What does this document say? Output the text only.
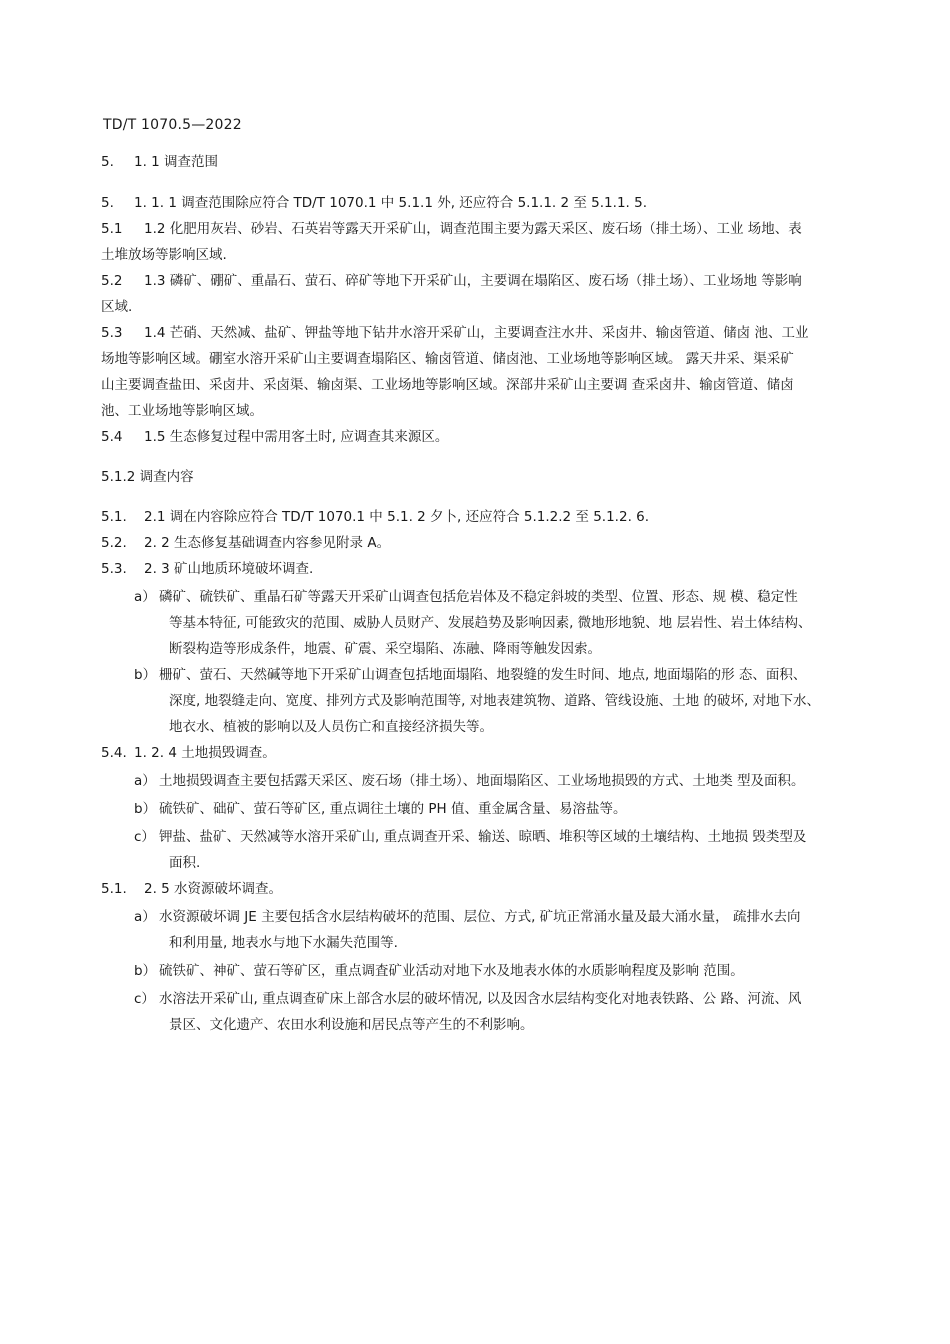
TD/T 1070.5—2022
5. 1. 1 调查范围
5. 1. 1. 1 调查范围除应符合 TD/T 1070.1 中 5.1.1 外, 还应符合 5.1.1. 2 至 5.1.1. 5.
5.1 1.2 化肥用灰岩、砂岩、石英岩等露天开采矿山，调查范围主要为露天采区、废石场（排土场）、工业 场地、表
土堆放场等影响区域.
5.2 1.3 磷矿、硼矿、重晶石、萤石、碎矿等地下开采矿山，主要调在塌陷区、废石场（排土场）、工业场地 等影响
区域.
5.3 1.4 芒硝、天然减、盐矿、钾盐等地下钻井水溶开采矿山，主要调查注水井、采卤井、输卤管道、储卤 池、工业
场地等影响区域。硼室水溶开采矿山主要调查塌陷区、输卤管道、储卤池、工业场地等影响区域。 露天井采、渠采矿
山主要调查盐田、采卤井、采卤渠、输卤渠、工业场地等影响区域。深部井采矿山主要调 查采卤井、输卤管道、储卤
池、工业场地等影响区域。
5.4 1.5 生态修复过程中需用客土时, 应调查其来源区。
5.1.2 调查内容
5.1. 2.1 调在内容除应符合 TD/T 1070.1 中 5.1. 2 夕卜, 还应符合 5.1.2.2 至 5.1.2. 6.
5.2. 2. 2 生态修复基础调查内容参见附录 A。
5.3. 2. 3 矿山地质环境破坏调查.
a） 磷矿、硫铁矿、重晶石矿等露天开采矿山调查包括危岩体及不稳定斜坡的类型、位置、形态、规 模、稳定性
等基本特征, 可能致灾的范围、威胁人员财产、发展趋势及影响因素, 微地形地貌、地 层岩性、岩土体结构、
断裂构造等形成条件，地震、矿震、采空塌陷、冻融、降雨等触发因索。
b） 栅矿、萤石、天然碱等地下开采矿山调查包括地面塌陷、地裂缝的发生时间、地点, 地面塌陷的形 态、面积、
深度, 地裂缝走向、宽度、排列方式及影响范围等, 对地表建筑物、道路、管线设施、土地 的破坏, 对地下水、
地衣水、植被的影响以及人员伤亡和直接经济损失等。
5.4. 1. 2. 4 土地损毁调查。
a） 土地损毁调查主要包括露天采区、废石场（排土场）、地面塌陷区、工业场地损毁的方式、土地类 型及面积。
b） 硫铁矿、础矿、萤石等矿区, 重点调往土壤的 PH 值、重金属含量、易溶盐等。
c） 钾盐、盐矿、天然减等水溶开采矿山, 重点调查开采、输送、晾晒、堆积等区域的土壤结构、土地损 毁类型及
面积.
5.1. 2. 5 水资源破坏调查。
a） 水资源破坏调 JE 主要包括含水层结构破坏的范围、层位、方式, 矿坑正常涌水量及最大涌水量， 疏排水去向
和利用量, 地表水与地下水漏失范围等.
b） 硫铁矿、神矿、萤石等矿区，重点调査矿业活动对地下水及地表水体的水质影响程度及影响 范围。
c） 水溶法开采矿山, 重点调查矿床上部含水层的破坏情况, 以及因含水层结构变化对地表铁路、公 路、河流、风
景区、文化遗产、农田水利设施和居民点等产生的不利影响。
